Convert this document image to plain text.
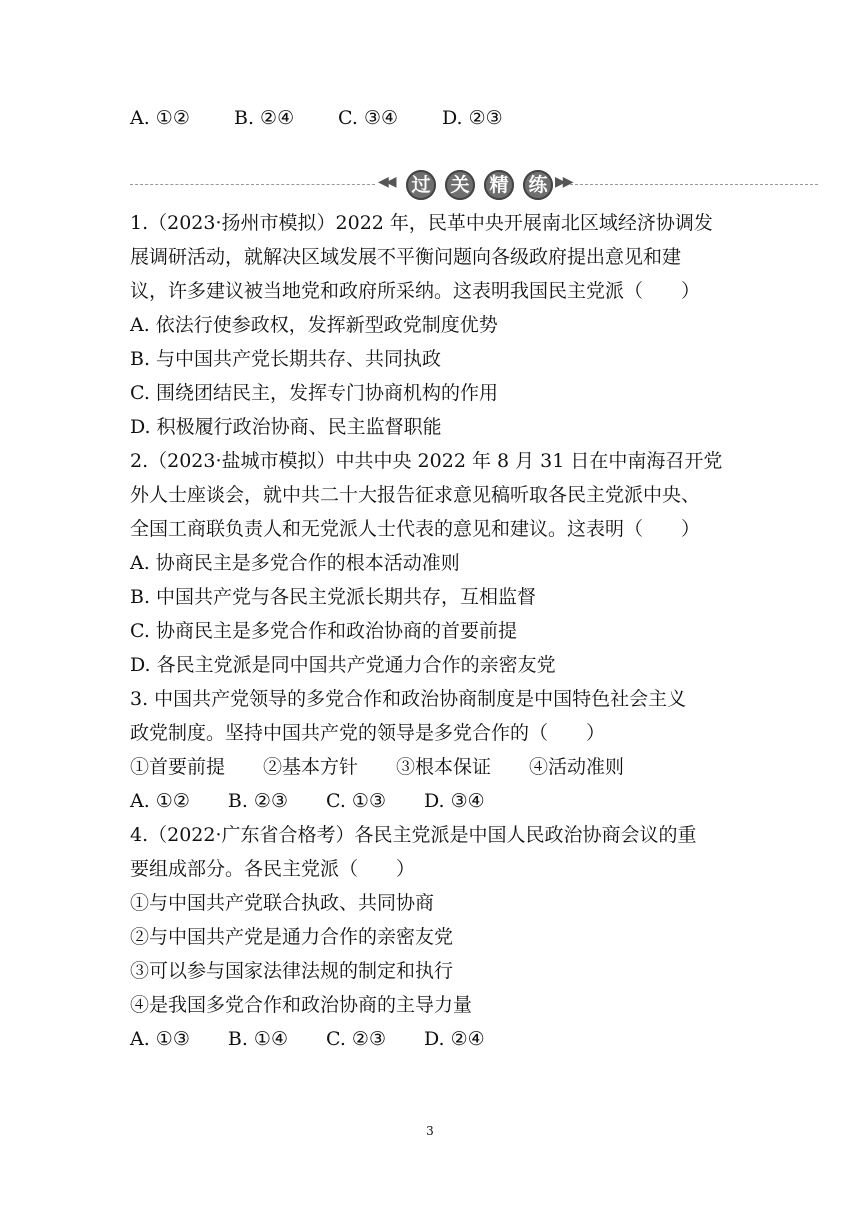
A. ①② B. ②④ C. ③④ D. ②③
◀◀ 过 关 精 练 ▶▶
1.（2023·扬州市模拟）2022 年，民革中央开展南北区域经济协调发
展调研活动，就解决区域发展不平衡问题向各级政府提出意见和建
议，许多建议被当地党和政府所采纳。这表明我国民主党派（　　）
A. 依法行使参政权，发挥新型政党制度优势
B. 与中国共产党长期共存、共同执政
C. 围绕团结民主，发挥专门协商机构的作用
D. 积极履行政治协商、民主监督职能
2.（2023·盐城市模拟）中共中央 2022 年 8 月 31 日在中南海召开党
外人士座谈会，就中共二十大报告征求意见稿听取各民主党派中央、
全国工商联负责人和无党派人士代表的意见和建议。这表明（　　）
A. 协商民主是多党合作的根本活动准则
B. 中国共产党与各民主党派长期共存，互相监督
C. 协商民主是多党合作和政治协商的首要前提
D. 各民主党派是同中国共产党通力合作的亲密友党
3. 中国共产党领导的多党合作和政治协商制度是中国特色社会主义
政党制度。坚持中国共产党的领导是多党合作的（　　）
①首要前提　　②基本方针　　③根本保证　　④活动准则
A. ①②　　B. ②③　　C. ①③　　D. ③④
4.（2022·广东省合格考）各民主党派是中国人民政治协商会议的重
要组成部分。各民主党派（　　）
①与中国共产党联合执政、共同协商
②与中国共产党是通力合作的亲密友党
③可以参与国家法律法规的制定和执行
④是我国多党合作和政治协商的主导力量
A. ①③　　B. ①④　　C. ②③　　D. ②④
3
